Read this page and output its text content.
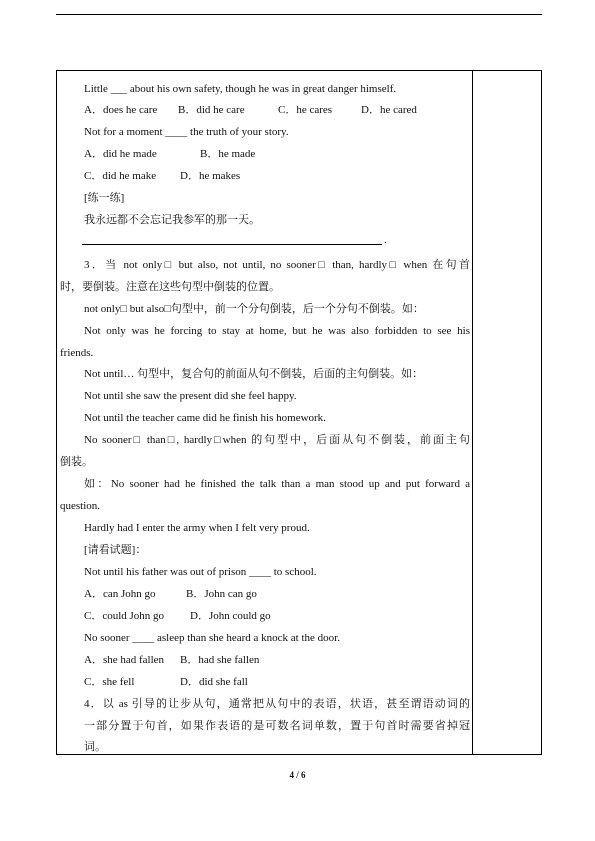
Little ___ about his own safety, though he was in great danger himself.
A．does he care B．did he care	C．he cares	D．he cared
Not for a moment ____ the truth of your story.
A．did he made	B．he made
C．did he make D．he makes
[练一练]
我永远都不会忘记我参军的那一天。
.
3．当 not only□ but also, not until, no sooner□ than, hardly□ when 在句首
时，要倒装。注意在这些句型中倒装的位置。
not only□ but also□句型中，前一个分句倒装，后一个分句不倒装。如：
Not only was he forcing to stay at home, but he was also forbidden to see his
friends.
Not until… 句型中，复合句的前面从句不倒装，后面的主句倒装。如：
Not until she saw the present did she feel happy.
Not until the teacher came did he finish his homework.
No sooner□ than□, hardly□when 的句型中，后面从句不倒装，前面主句
倒装。
如：No sooner had he finished the talk than a man stood up and put forward a
question.
Hardly had I enter the army when I felt very proud.
[请看试题]：
Not until his father was out of prison ____ to school.
A．can John go	B．John can go
C．could John go D．John could go
No sooner ____ asleep than she heard a knock at the door.
A．she had fallen B．had she fallen
C．she fell	D．did she fall
4．以 as 引导的让步从句，通常把从句中的表语，状语，甚至谓语动词的
一部分置于句首，如果作表语的是可数名词单数，置于句首时需要省掉冠
词。
4 / 6
